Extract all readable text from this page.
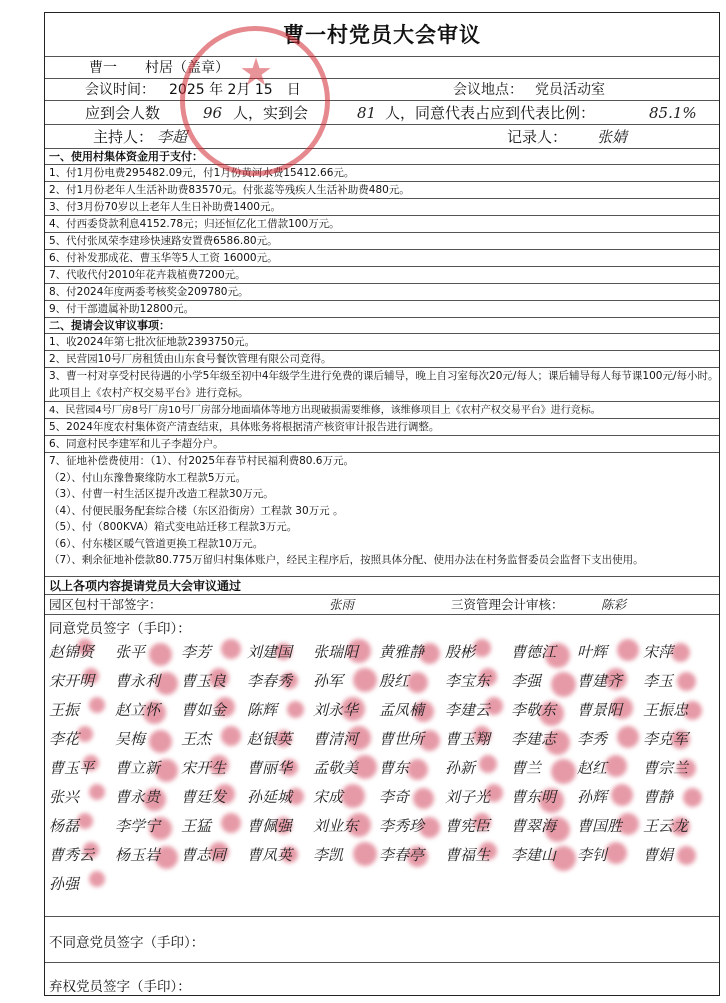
曹一村党员大会审议
曹一　　村居（盖章）
会议时间： 2025 年 2月 15　日	会议地点： 党员活动室
应到会人数	96 人，实到会	81 人，同意代表占应到代表比例：	85.1%
主持人： 李超	记录人： 张婧
一、使用村集体资金用于支付：
1、付1月份电费295482.09元，付1月份黄河水费15412.66元。
2、付1月份老年人生活补助费83570元。付张蕊等残疾人生活补助费480元。
3、付3月份70岁以上老年人生日补助费1400元。
4、付西委贷款利息4152.78元；归还恒亿化工借款100万元。
5、代付张凤荣李建珍快速路安置费6586.80元。
6、付补发那成花、曹玉华等5人工资 16000元。
7、代收代付2010年花卉栽植费7200元。
8、付2024年度两委考核奖金209780元。
9、付干部遗属补助12800元。
二、提请会议审议事项：
1、收2024年第七批次征地款2393750元。
2、民营园10号厂房租赁由山东食号餐饮管理有限公司竞得。
3、曹一村对享受村民待遇的小学5年级至初中4年级学生进行免费的课后辅导，晚上自习室每次20元/每人；课后辅导每人每节课100元/每小时。此项目上《农村产权交易平台》进行竞标。
4、民营园4号厂房8号厂房10号厂房部分地面墙体等地方出现破损需要维修，该维修项目上《农村产权交易平台》进行竞标。
5、2024年度农村集体资产清查结束，具体账务将根据清产核资审计报告进行调整。
6、同意村民李建军和儿子李超分户。
7、征地补偿费使用：（1）、付2025年春节村民福利费80.6万元。
（2）、付山东豫鲁聚缘防水工程款5万元。
（3）、付曹一村生活区提升改造工程款30万元。
（4）、付便民服务配套综合楼（东区沿街房）工程款 30万元 。
（5）、付（800KVA）箱式变电站迁移工程款3万元。
（6）、付东楼区暖气管道更换工程款10万元。
（7）、剩余征地补偿款80.775万留归村集体账户，经民主程序后，按照具体分配、使用办法在村务监督委员会监督下支出使用。
以上各项内容提请党员大会审议通过
园区包村干部签字：	张雨	三资管理会计审核：	陈彩
同意党员签字（手印）：
赵锦贤 张平 李芳 刘建国 张瑞阳 黄雅静 殷彬 曹德江 叶辉 宋萍
宋开明 曹永利 曹玉良 李春秀 孙军 殷红 李宝东 李强 曹建齐 李玉
王振 赵立怀 曹如金 陈辉 刘永华 孟凤楠 李建云 李敬东 曹景阳 王振忠
李花 吴梅 王杰 赵银英 曹清河 曹世所 曹玉翔 李建志 李秀 李克军
曹玉平 曹立新 宋开生 曹丽华 孟敬美 曹东 孙新 曹兰 赵红 曹宗兰
张兴 曹永贵 曹廷发 孙延城 宋成 李奇 刘子光 曹东明 孙辉 曹静
杨磊 李学宁 王猛 曹佩强 刘业东 李秀珍 曹宪臣 曹翠海 曹国胜 王云龙
曹秀云 杨玉岩 曹志同 曹凤英 李凯 李春亭 曹福生 李建山 李钊 曹娟
孙强
不同意党员签字（手印）：
弃权党员签字（手印）：
★
